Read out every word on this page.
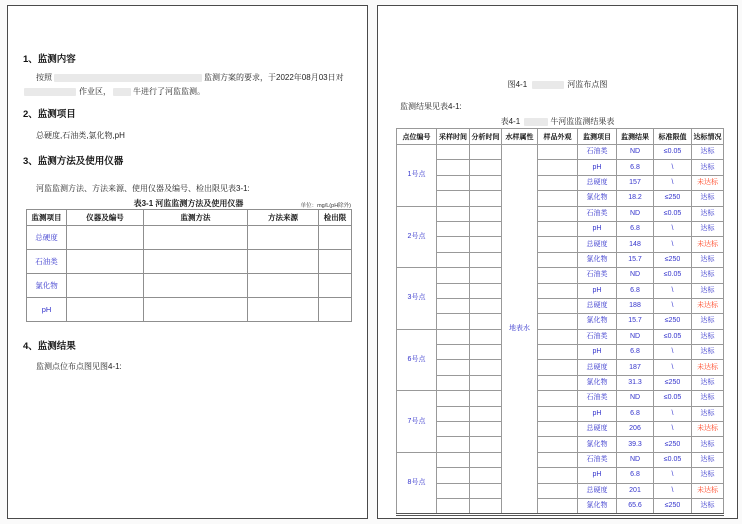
1、监测内容
按照	监测方案的要求，于2022年08月03日对
作业区，	牛进行了河监监测。
2、监测项目
总硬度,石油类,氯化物,pH
3、监测方法及使用仪器
河监监测方法、方法来源、使用仪器及编号、检出限见表3-1:
表3-1 河监监测方法及使用仪器	单位：mg/L(pH除外)
监测项目	仪器及编号	监测方法	方法来源	检出限
总硬度				
石油类				
氯化物				
pH				
4、监测结果
监测点位布点图见图4-1:
图4-1	河监布点图
监测结果见表4-1:
表4-1	牛河监监测结果表
点位编号	采样时间	分析时间	水样属性	样品外观	监测项目	监测结果	标准限值	达标情况
1号点			地表水		石油类	ND	≤0.05	达标
					pH	6.8	\	达标
					总硬度	157	\	未达标
					氯化物	18.2	≤250	达标
2号点					石油类	ND	≤0.05	达标
					pH	6.8	\	达标
					总硬度	148	\	未达标
					氯化物	15.7	≤250	达标
3号点					石油类	ND	≤0.05	达标
					pH	6.8	\	达标
					总硬度	188	\	未达标
					氯化物	15.7	≤250	达标
6号点					石油类	ND	≤0.05	达标
					pH	6.8	\	达标
					总硬度	187	\	未达标
					氯化物	31.3	≤250	达标
7号点					石油类	ND	≤0.05	达标
					pH	6.8	\	达标
					总硬度	206	\	未达标
					氯化物	39.3	≤250	达标
8号点					石油类	ND	≤0.05	达标
					pH	6.8	\	达标
					总硬度	201	\	未达标
					氯化物	65.6	≤250	达标
